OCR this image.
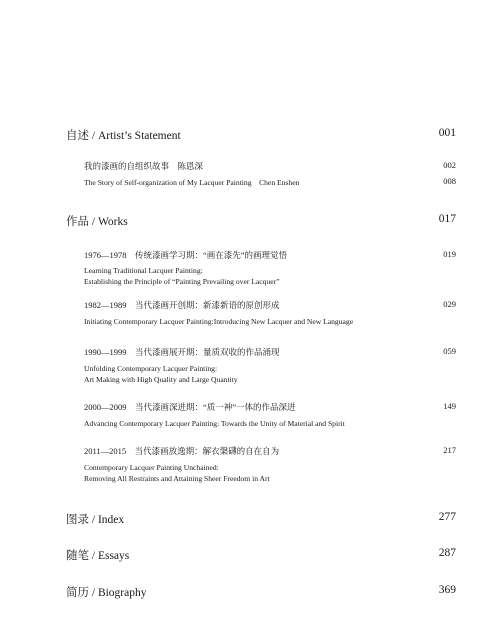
自述 / Artist’s Statement	001
我的漆画的自组织故事　陈恩深	002
The Story of Self-organization of My Lacquer Painting　Chen Enshen	008
作品 / Works	017
1976—1978　传统漆画学习期：“画在漆先”的画理觉悟	019
Learning Traditional Lacquer Painting:
Establishing the Principle of “Painting Prevailing over Lacquer”
1982—1989　当代漆画开创期：新漆新语的原创形成	029
Initiating Contemporary Lacquer Painting:Introducing New Lacquer and New Language
1990—1999　当代漆画展开期：量质双收的作品涌现	059
Unfolding Contemporary Lacquer Painting:
Art Making with High Quality and Large Quantity
2000—2009　当代漆画深进期：“质一神”一体的作品深进	149
Advancing Contemporary Lacquer Painting: Towards the Unity of Material and Spirit
2011—2015　当代漆画放逸期：解衣槃礴的自在自为	217
Contemporary Lacquer Painting Unchained:
Removing All Restraints and Attaining Sheer Freedom in Art
图录 / Index	277
随笔 / Essays	287
简历 / Biography	369
